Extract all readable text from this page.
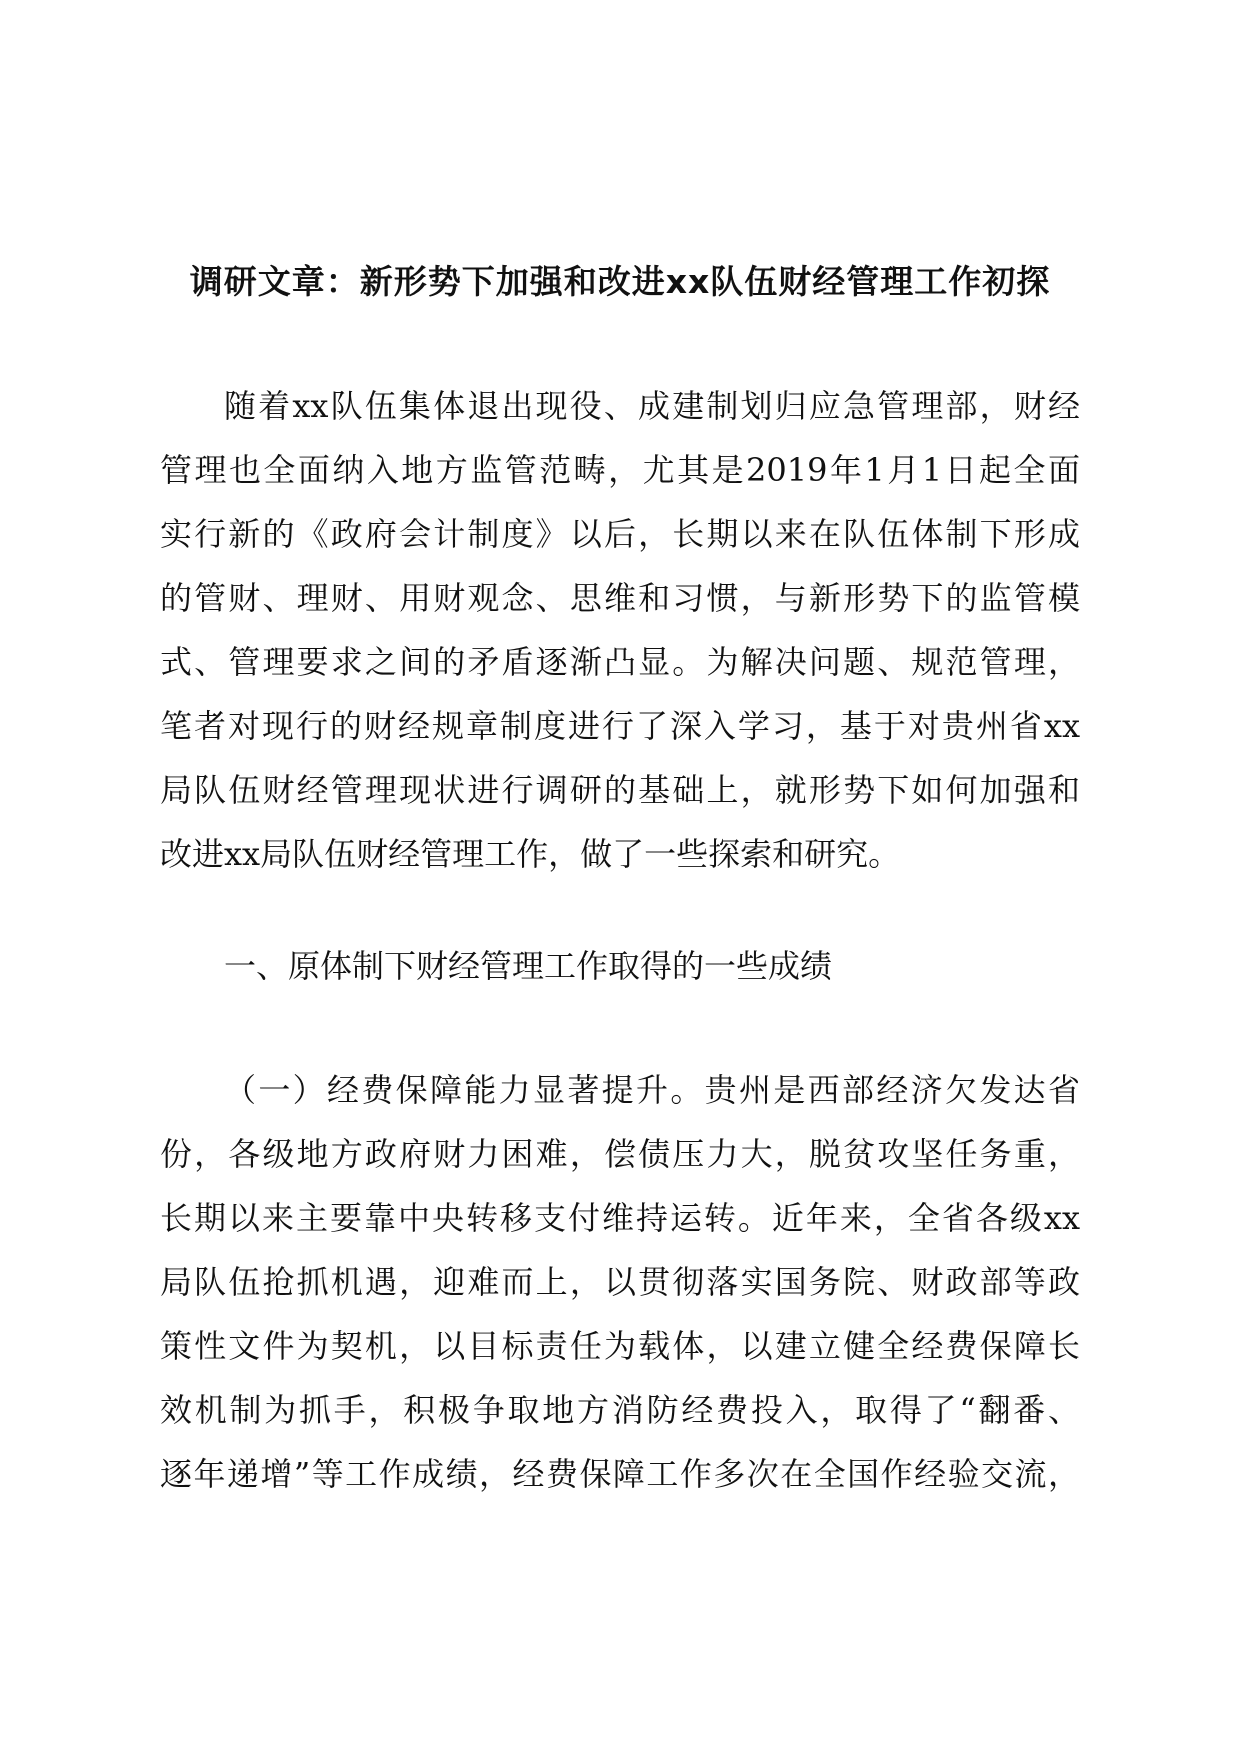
调研文章：新形势下加强和改进xx队伍财经管理工作初探
随着xx队伍集体退出现役、成建制划归应急管理部，财经
管理也全面纳入地方监管范畴，尤其是2019年1月1日起全面
实行新的《政府会计制度》以后，长期以来在队伍体制下形成
的管财、理财、用财观念、思维和习惯，与新形势下的监管模
式、管理要求之间的矛盾逐渐凸显。为解决问题、规范管理，
笔者对现行的财经规章制度进行了深入学习，基于对贵州省xx
局队伍财经管理现状进行调研的基础上，就形势下如何加强和
改进xx局队伍财经管理工作，做了一些探索和研究。
一、原体制下财经管理工作取得的一些成绩
（一）经费保障能力显著提升。贵州是西部经济欠发达省
份，各级地方政府财力困难，偿债压力大，脱贫攻坚任务重，
长期以来主要靠中央转移支付维持运转。近年来，全省各级xx
局队伍抢抓机遇，迎难而上，以贯彻落实国务院、财政部等政
策性文件为契机，以目标责任为载体，以建立健全经费保障长
效机制为抓手，积极争取地方消防经费投入，取得了“翻番、
逐年递增”等工作成绩，经费保障工作多次在全国作经验交流，
